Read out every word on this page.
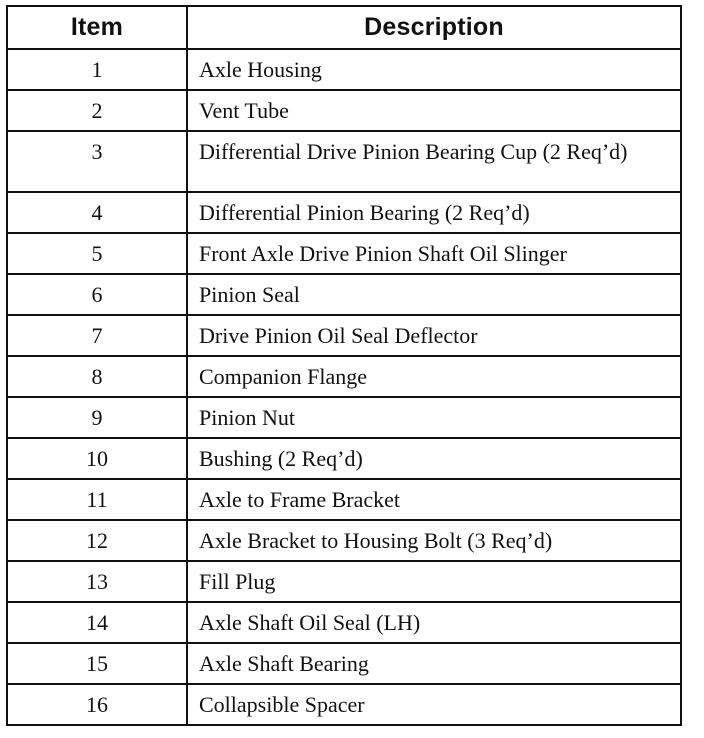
Item	Description
1	Axle Housing
2	Vent Tube
3	Differential Drive Pinion Bearing Cup (2 Req’d)
4	Differential Pinion Bearing (2 Req’d)
5	Front Axle Drive Pinion Shaft Oil Slinger
6	Pinion Seal
7	Drive Pinion Oil Seal Deflector
8	Companion Flange
9	Pinion Nut
10	Bushing (2 Req’d)
11	Axle to Frame Bracket
12	Axle Bracket to Housing Bolt (3 Req’d)
13	Fill Plug
14	Axle Shaft Oil Seal (LH)
15	Axle Shaft Bearing
16	Collapsible Spacer
